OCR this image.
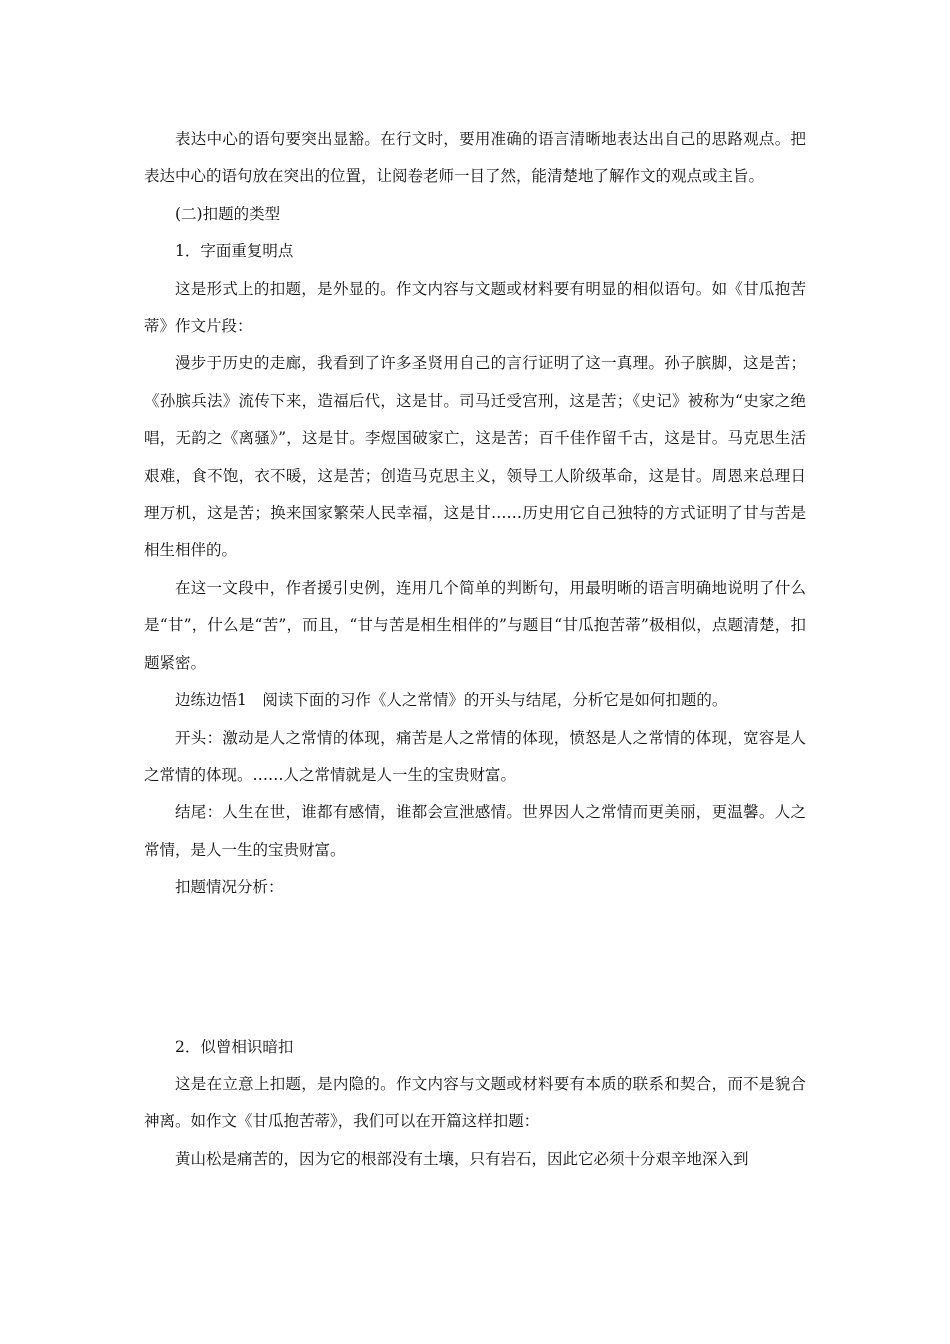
表达中心的语句要突出显豁。在行文时，要用准确的语言清晰地表达出自己的思路观点。把表达中心的语句放在突出的位置，让阅卷老师一目了然，能清楚地了解作文的观点或主旨。

(二)扣题的类型

1．字面重复明点

这是形式上的扣题，是外显的。作文内容与文题或材料要有明显的相似语句。如《甘瓜抱苦蒂》作文片段：

漫步于历史的走廊，我看到了许多圣贤用自己的言行证明了这一真理。孙子膑脚，这是苦；《孙膑兵法》流传下来，造福后代，这是甘。司马迁受宫刑，这是苦；《史记》被称为“史家之绝唱，无韵之《离骚》”，这是甘。李煜国破家亡，这是苦；百千佳作留千古，这是甘。马克思生活艰难，食不饱，衣不暖，这是苦；创造马克思主义，领导工人阶级革命，这是甘。周恩来总理日理万机，这是苦；换来国家繁荣人民幸福，这是甘……历史用它自己独特的方式证明了甘与苦是相生相伴的。

在这一文段中，作者援引史例，连用几个简单的判断句，用最明晰的语言明确地说明了什么是“甘”，什么是“苦”，而且，“甘与苦是相生相伴的”与题目“甘瓜抱苦蒂”极相似，点题清楚，扣题紧密。

边练边悟1　阅读下面的习作《人之常情》的开头与结尾，分析它是如何扣题的。

开头：激动是人之常情的体现，痛苦是人之常情的体现，愤怒是人之常情的体现，宽容是人之常情的体现。……人之常情就是人一生的宝贵财富。

结尾：人生在世，谁都有感情，谁都会宣泄感情。世界因人之常情而更美丽，更温馨。人之常情，是人一生的宝贵财富。

扣题情况分析：

2．似曾相识暗扣

这是在立意上扣题，是内隐的。作文内容与文题或材料要有本质的联系和契合，而不是貌合神离。如作文《甘瓜抱苦蒂》，我们可以在开篇这样扣题：

黄山松是痛苦的，因为它的根部没有土壤，只有岩石，因此它必须十分艰辛地深入到
